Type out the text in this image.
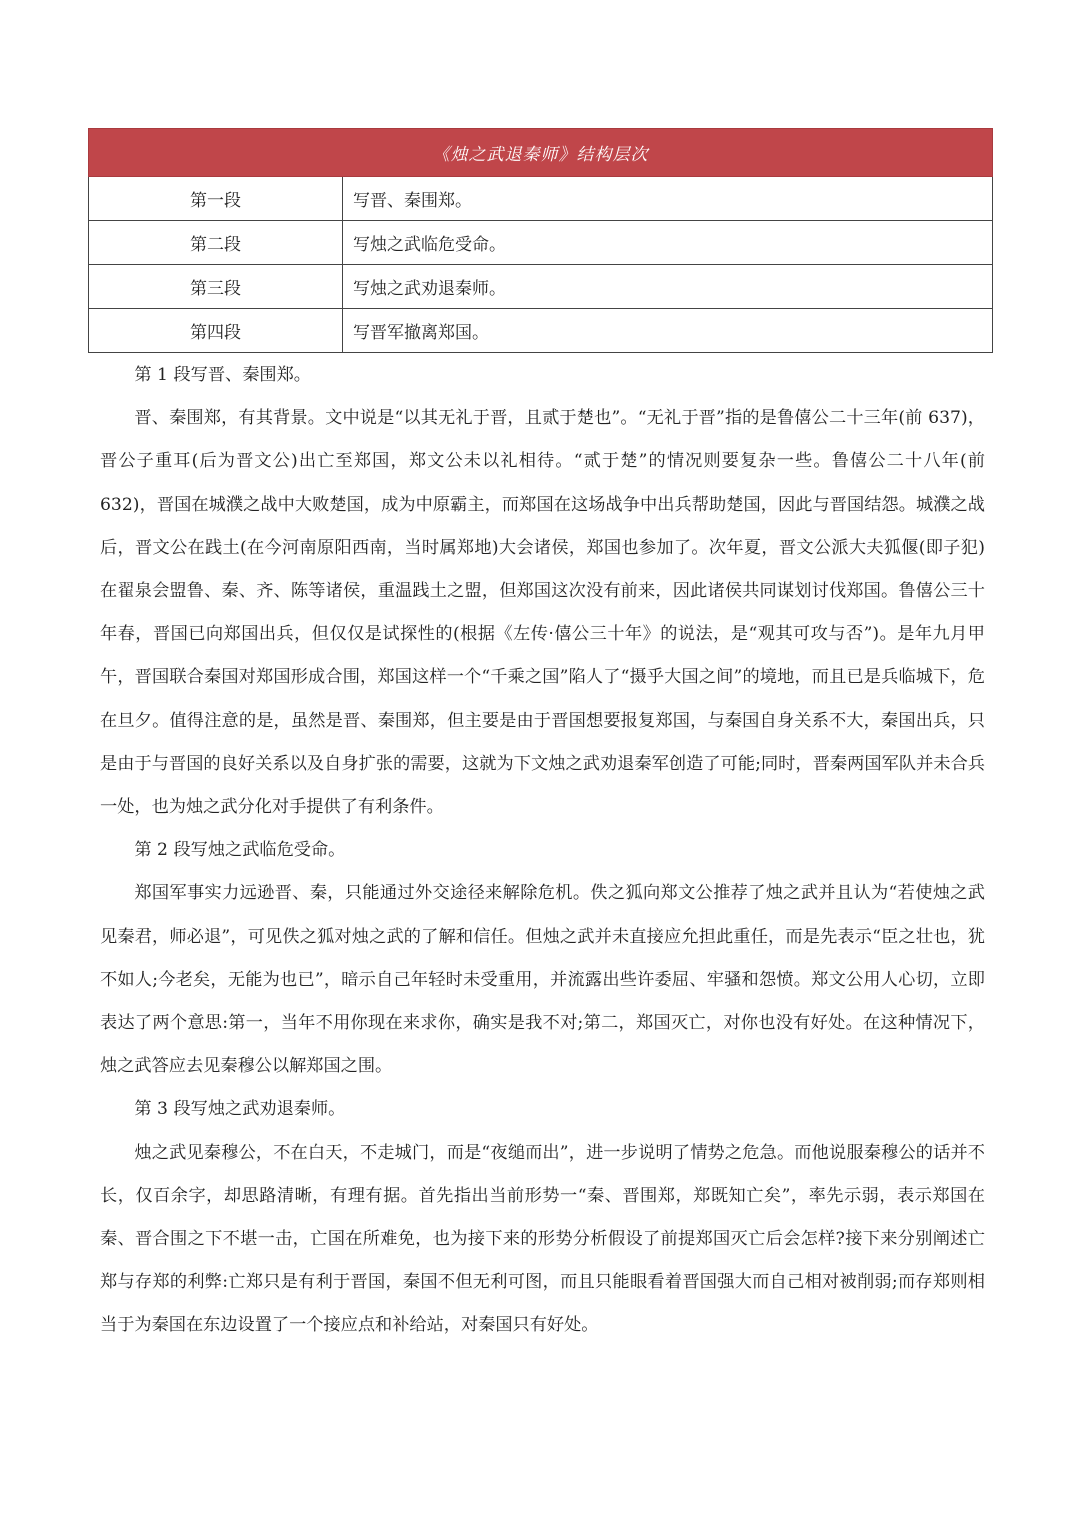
《烛之武退秦师》结构层次	
第一段	写晋、秦围郑。
第二段	写烛之武临危受命。
第三段	写烛之武劝退秦师。
第四段	写晋军撤离郑国。

第 1 段写晋、秦围郑。

晋、秦围郑，有其背景。文中说是“以其无礼于晋，且贰于楚也”。“无礼于晋”指的是鲁僖公二十三年(前 637)，晋公子重耳(后为晋文公)出亡至郑国，郑文公未以礼相待。“贰于楚”的情况则要复杂一些。鲁僖公二十八年(前 632)，晋国在城濮之战中大败楚国，成为中原霸主，而郑国在这场战争中出兵帮助楚国，因此与晋国结怨。城濮之战后，晋文公在践土(在今河南原阳西南，当时属郑地)大会诸侯，郑国也参加了。次年夏，晋文公派大夫狐偃(即子犯)在翟泉会盟鲁、秦、齐、陈等诸侯，重温践土之盟，但郑国这次没有前来，因此诸侯共同谋划讨伐郑国。鲁僖公三十年春，晋国已向郑国出兵，但仅仅是试探性的(根据《左传·僖公三十年》的说法，是“观其可攻与否”)。是年九月甲午，晋国联合秦国对郑国形成合围，郑国这样一个“千乘之国”陷人了“摄乎大国之间”的境地，而且已是兵临城下，危在旦夕。值得注意的是，虽然是晋、秦围郑，但主要是由于晋国想要报复郑国，与秦国自身关系不大，秦国出兵，只是由于与晋国的良好关系以及自身扩张的需要，这就为下文烛之武劝退秦军创造了可能;同时，晋秦两国军队并未合兵一处，也为烛之武分化对手提供了有利条件。

第 2 段写烛之武临危受命。

郑国军事实力远逊晋、秦，只能通过外交途径来解除危机。佚之狐向郑文公推荐了烛之武并且认为“若使烛之武见秦君，师必退”，可见佚之狐对烛之武的了解和信任。但烛之武并未直接应允担此重任，而是先表示“臣之壮也，犹不如人;今老矣，无能为也已”，暗示自己年轻时未受重用，并流露出些许委屈、牢骚和怨愤。郑文公用人心切，立即表达了两个意思:第一，当年不用你现在来求你，确实是我不对;第二，郑国灭亡，对你也没有好处。在这种情况下，烛之武答应去见秦穆公以解郑国之围。

第 3 段写烛之武劝退秦师。

烛之武见秦穆公，不在白天，不走城门，而是“夜缒而出”，进一步说明了情势之危急。而他说服秦穆公的话并不长，仅百余字，却思路清晰，有理有据。首先指出当前形势一“秦、晋围郑，郑既知亡矣”，率先示弱，表示郑国在秦、晋合围之下不堪一击，亡国在所难免，也为接下来的形势分析假设了前提郑国灭亡后会怎样?接下来分别阐述亡郑与存郑的利弊:亡郑只是有利于晋国，秦国不但无利可图，而且只能眼看着晋国强大而自己相对被削弱;而存郑则相当于为秦国在东边设置了一个接应点和补给站，对秦国只有好处。
